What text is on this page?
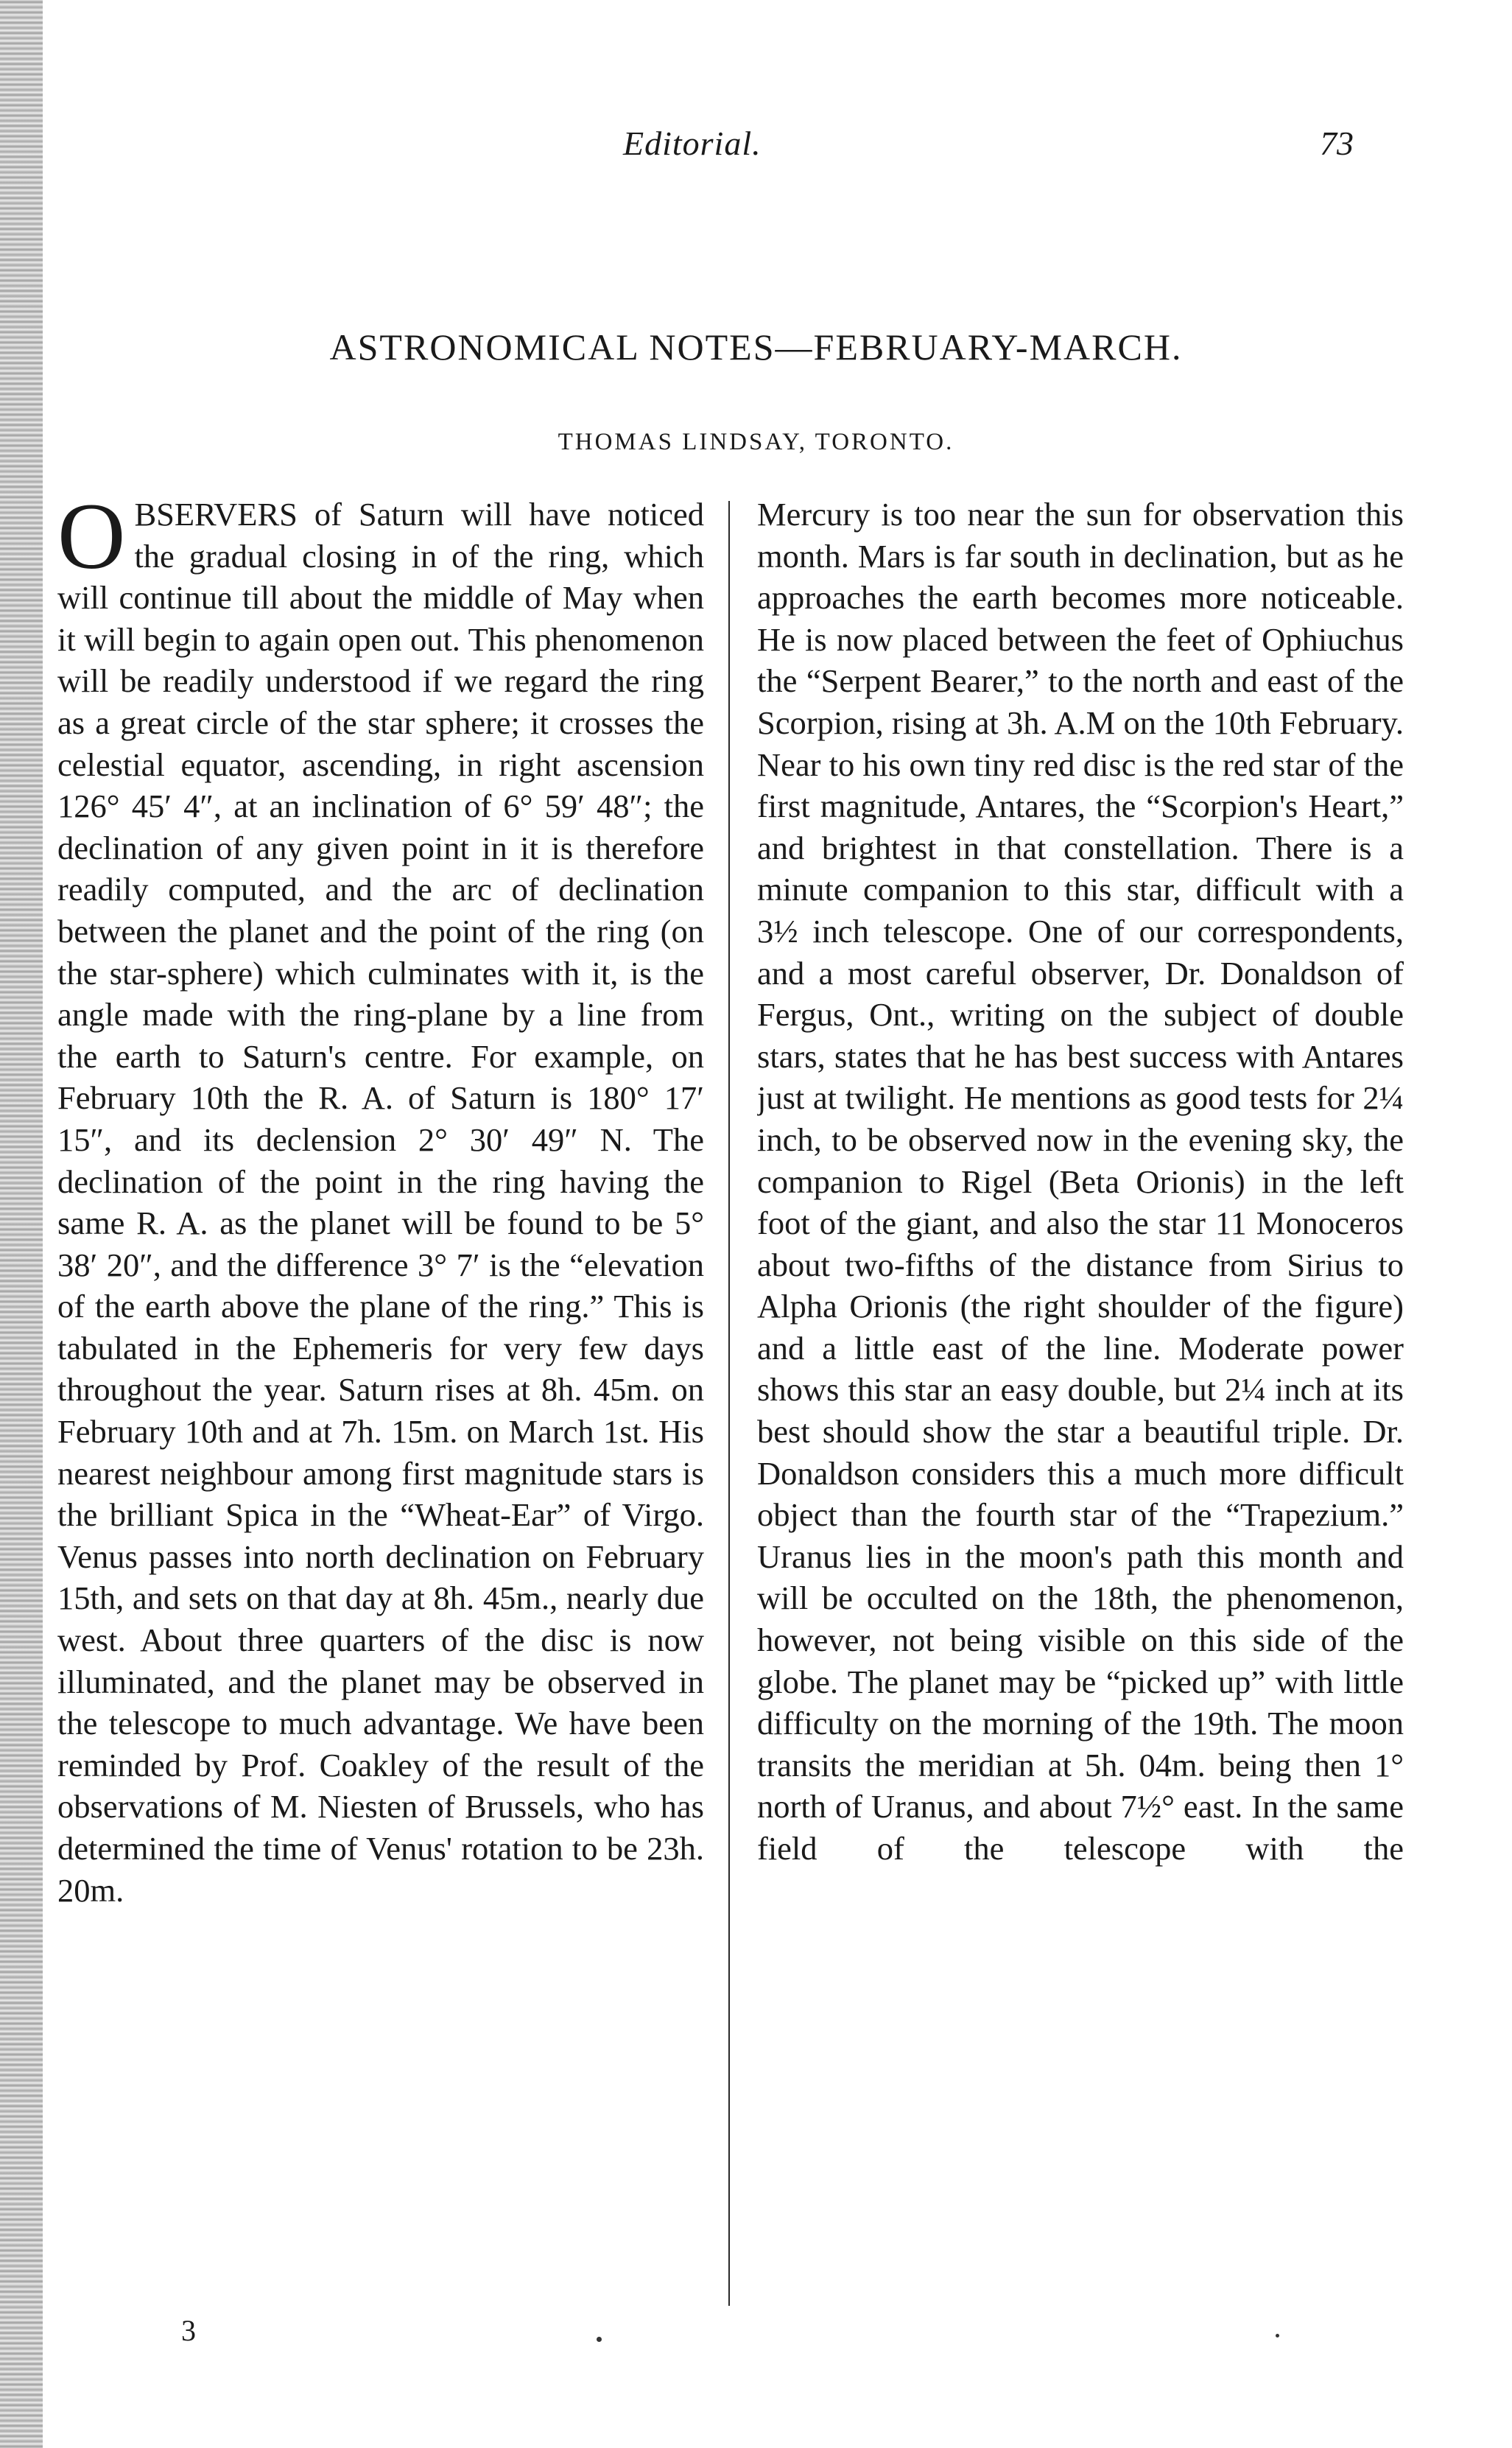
Editorial.	73
ASTRONOMICAL NOTES—FEBRUARY-MARCH.
THOMAS LINDSAY, TORONTO.

OBSERVERS of Saturn will have noticed the gradual closing in of the ring, which will continue till about the middle of May when it will begin to again open out. This phenomenon will be readily understood if we regard the ring as a great circle of the star sphere; it crosses the celestial equator, ascending, in right ascension 126° 45′ 4″, at an inclination of 6° 59′ 48″; the declination of any given point in it is therefore readily computed, and the arc of declination between the planet and the point of the ring (on the star-sphere) which culminates with it, is the angle made with the ring-plane by a line from the earth to Saturn's centre. For example, on February 10th the R. A. of Saturn is 180° 17′ 15″, and its declension 2° 30′ 49″ N. The declination of the point in the ring having the same R. A. as the planet will be found to be 5° 38′ 20″, and the difference 3° 7′ is the “elevation of the earth above the plane of the ring.” This is tabulated in the Ephemeris for very few days throughout the year. Saturn rises at 8h. 45m. on February 10th and at 7h. 15m. on March 1st. His nearest neighbour among first magnitude stars is the brilliant Spica in the “Wheat-Ear” of Virgo. Venus passes into north declination on February 15th, and sets on that day at 8h. 45m., nearly due west. About three quarters of the disc is now illuminated, and the planet may be observed in the telescope to much advantage. We have been reminded by Prof. Coakley of the result of the observations of M. Niesten of Brussels, who has determined the time of Venus' rotation to be 23h. 20m.

Mercury is too near the sun for observation this month. Mars is far south in declination, but as he approaches the earth becomes more noticeable. He is now placed between the feet of Ophiuchus the “Serpent Bearer,” to the north and east of the Scorpion, rising at 3h. A.M on the 10th February. Near to his own tiny red disc is the red star of the first magnitude, Antares, the “Scorpion's Heart,” and brightest in that constellation. There is a minute companion to this star, difficult with a 3½ inch telescope. One of our correspondents, and a most careful observer, Dr. Donaldson of Fergus, Ont., writing on the subject of double stars, states that he has best success with Antares just at twilight. He mentions as good tests for 2¼ inch, to be observed now in the evening sky, the companion to Rigel (Beta Orionis) in the left foot of the giant, and also the star 11 Monoceros about two-fifths of the distance from Sirius to Alpha Orionis (the right shoulder of the figure) and a little east of the line. Moderate power shows this star an easy double, but 2¼ inch at its best should show the star a beautiful triple. Dr. Donaldson considers this a much more difficult object than the fourth star of the “Trapezium.” Uranus lies in the moon's path this month and will be occulted on the 18th, the phenomenon, however, not being visible on this side of the globe. The planet may be “picked up” with little difficulty on the morning of the 19th. The moon transits the meridian at 5h. 04m. being then 1° north of Uranus, and about 7½° east. In the same field of the telescope with the

3
